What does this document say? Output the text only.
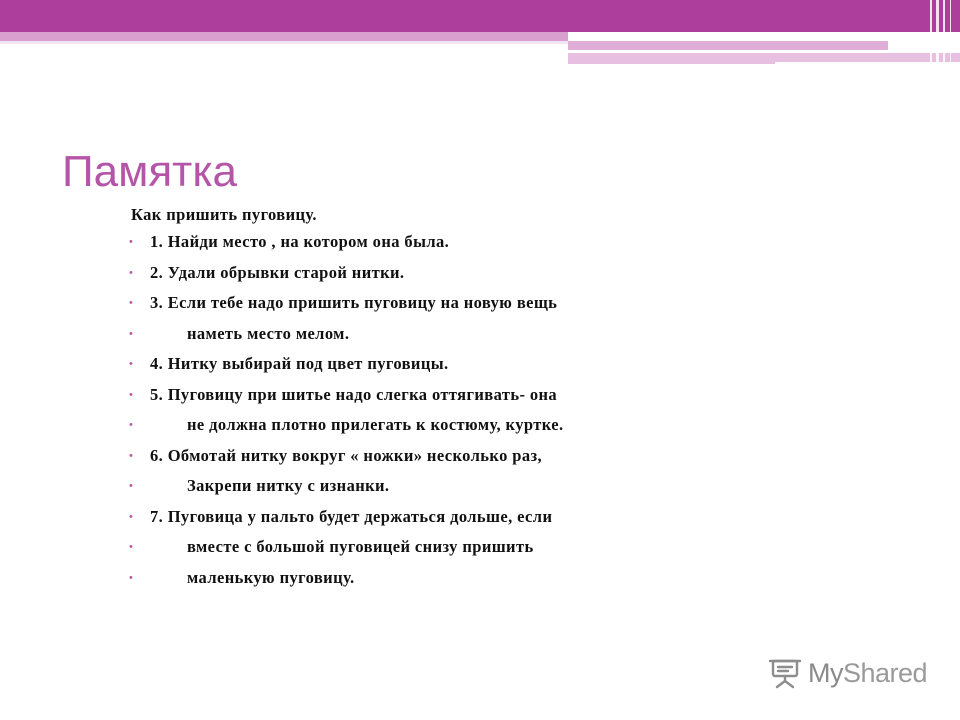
Памятка

Как пришить пуговицу.

• 1. Найди место , на котором она была.
• 2. Удали обрывки старой нитки.
• 3. Если тебе надо пришить пуговицу на новую вещь
•	наметь место мелом.
• 4. Нитку выбирай под цвет пуговицы.
• 5. Пуговицу при шитье надо слегка оттягивать- она
•	не должна плотно прилегать к костюму, куртке.
• 6. Обмотай нитку вокруг « ножки» несколько раз,
•	Закрепи нитку с изнанки.
• 7. Пуговица у пальто будет держаться дольше, если
•	вместе с большой пуговицей снизу пришить
•	маленькую пуговицу.
MyShared
